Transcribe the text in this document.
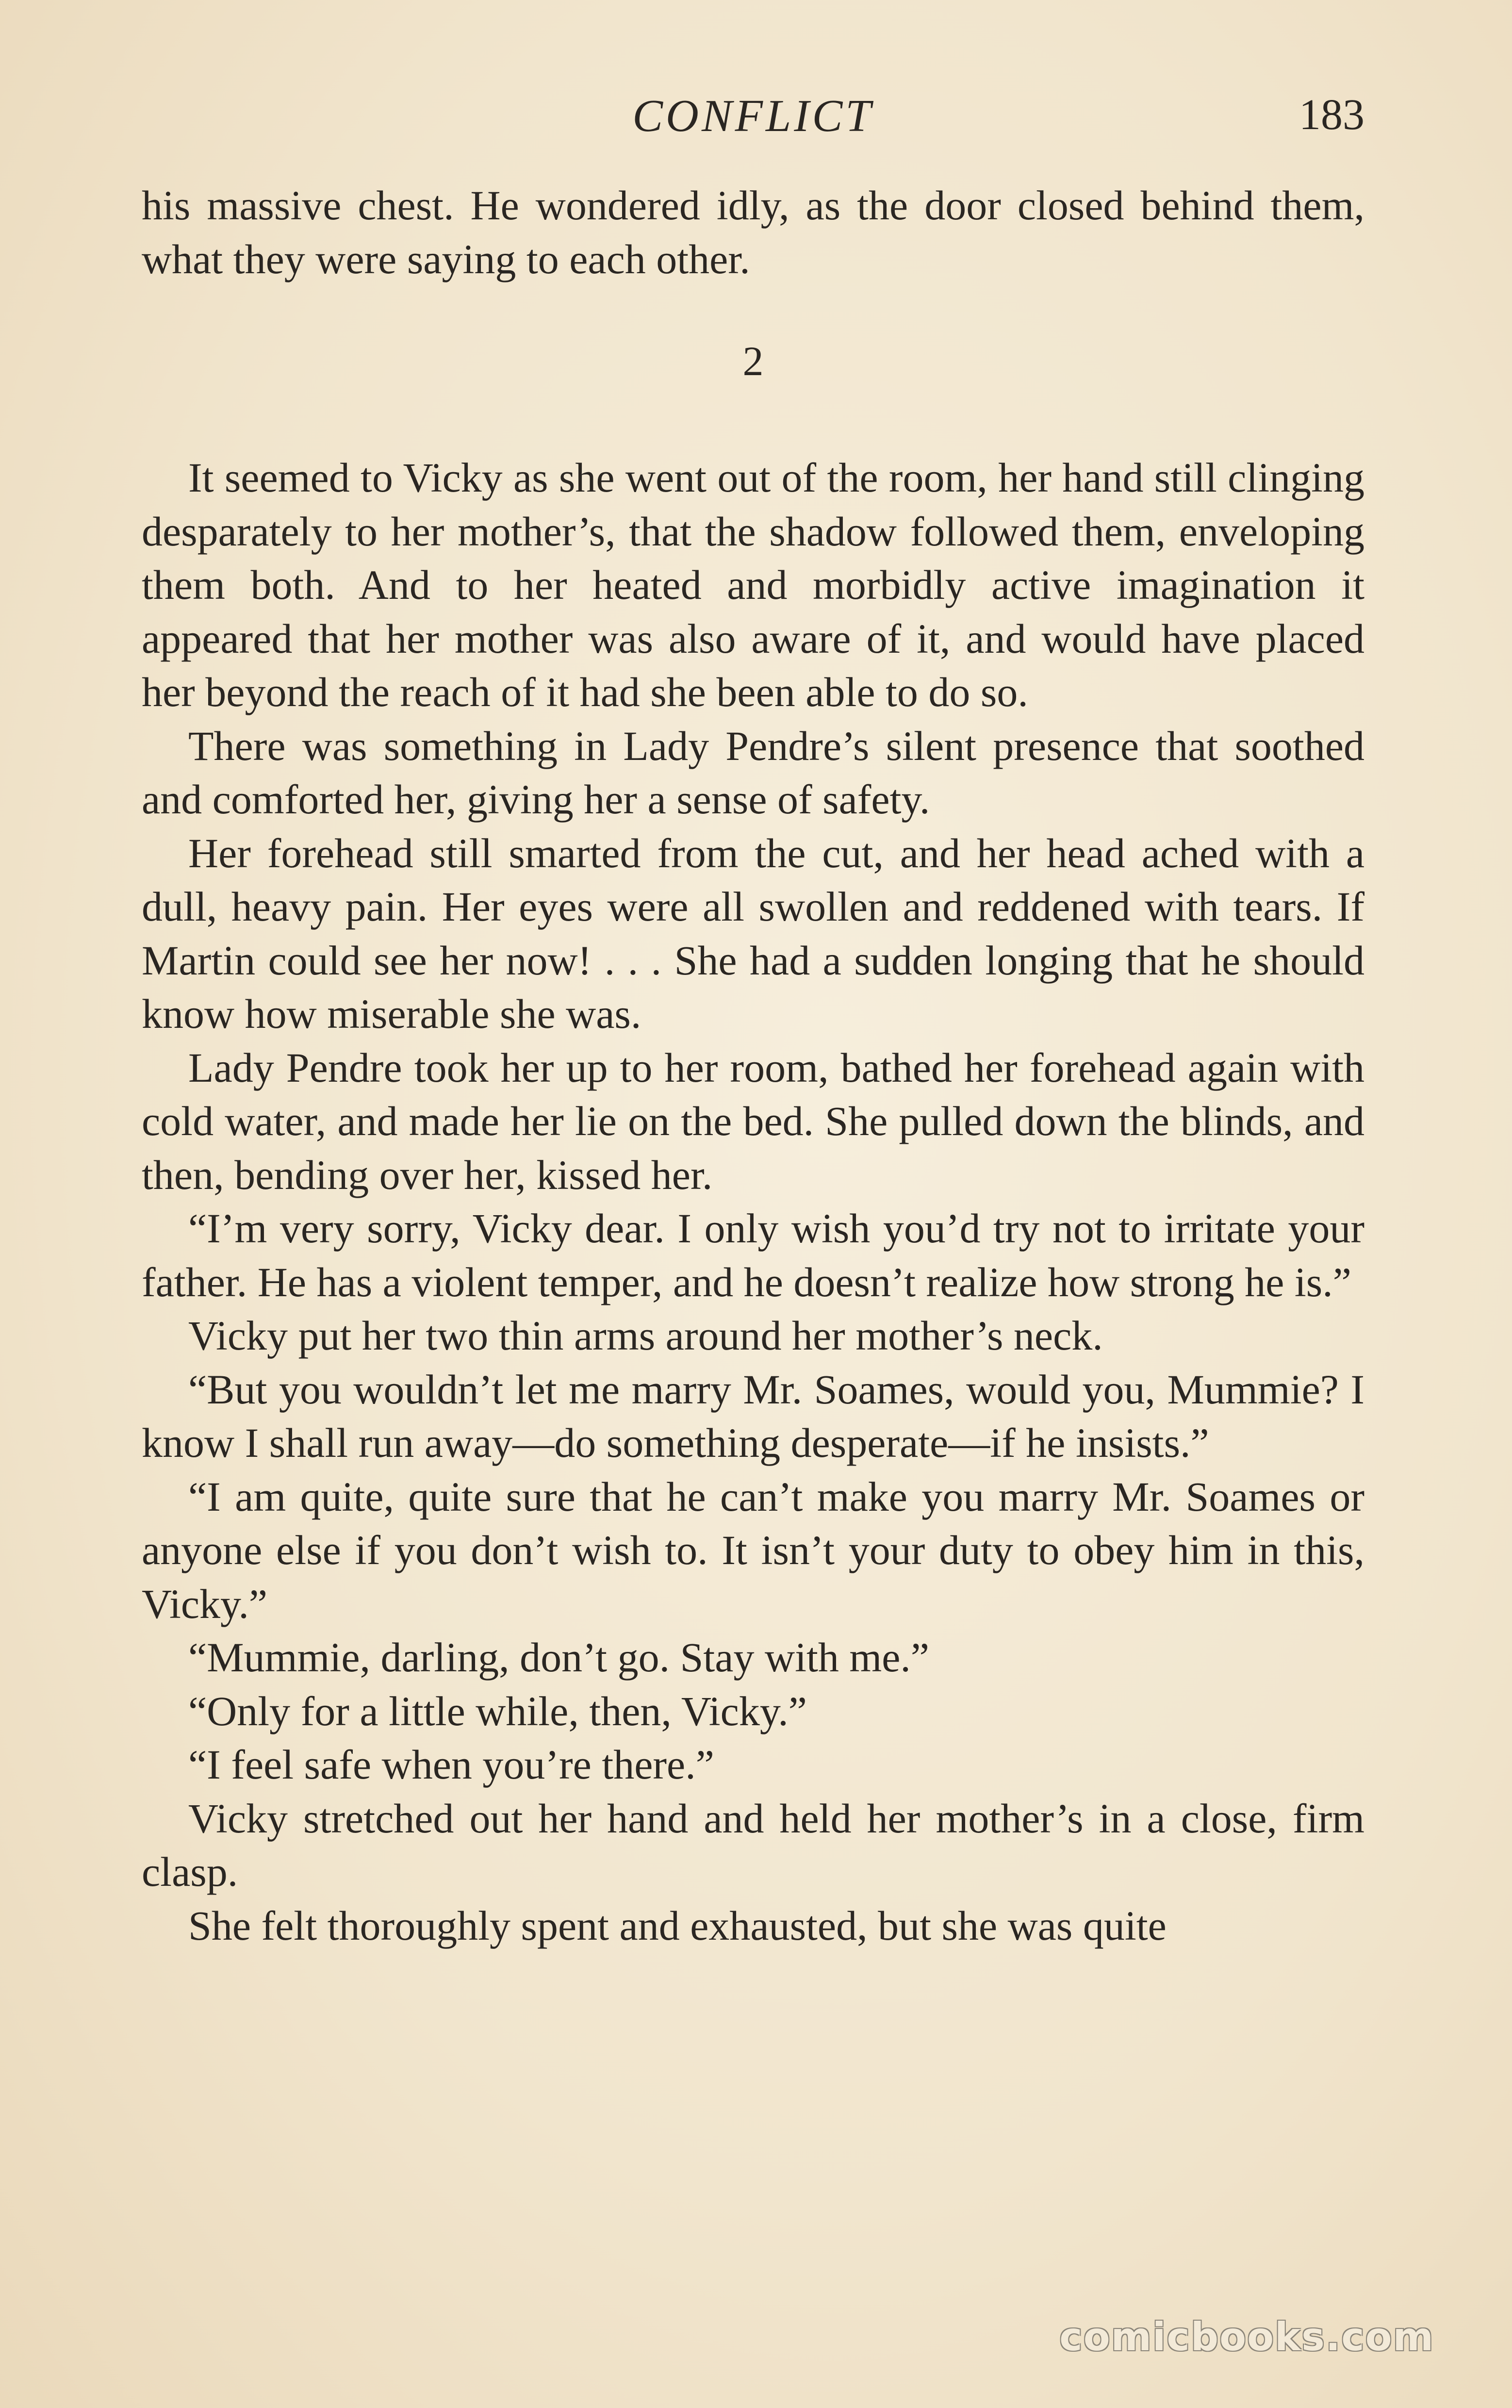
CONFLICT	183

his massive chest. He wondered idly, as the door closed behind them, what they were saying to each other.

2

It seemed to Vicky as she went out of the room, her hand still clinging desparately to her mother’s, that the shadow followed them, enveloping them both. And to her heated and morbidly active imagination it appeared that her mother was also aware of it, and would have placed her beyond the reach of it had she been able to do so.

There was something in Lady Pendre’s silent presence that soothed and comforted her, giving her a sense of safety.

Her forehead still smarted from the cut, and her head ached with a dull, heavy pain. Her eyes were all swollen and reddened with tears. If Martin could see her now! . . . She had a sudden longing that he should know how miserable she was.

Lady Pendre took her up to her room, bathed her forehead again with cold water, and made her lie on the bed. She pulled down the blinds, and then, bending over her, kissed her.

“I’m very sorry, Vicky dear. I only wish you’d try not to irritate your father. He has a violent temper, and he doesn’t realize how strong he is.”

Vicky put her two thin arms around her mother’s neck.

“But you wouldn’t let me marry Mr. Soames, would you, Mummie? I know I shall run away—do something desperate—if he insists.”

“I am quite, quite sure that he can’t make you marry Mr. Soames or anyone else if you don’t wish to. It isn’t your duty to obey him in this, Vicky.”

“Mummie, darling, don’t go. Stay with me.”

“Only for a little while, then, Vicky.”

“I feel safe when you’re there.”

Vicky stretched out her hand and held her mother’s in a close, firm clasp.

She felt thoroughly spent and exhausted, but she was quite

comicbooks.com
